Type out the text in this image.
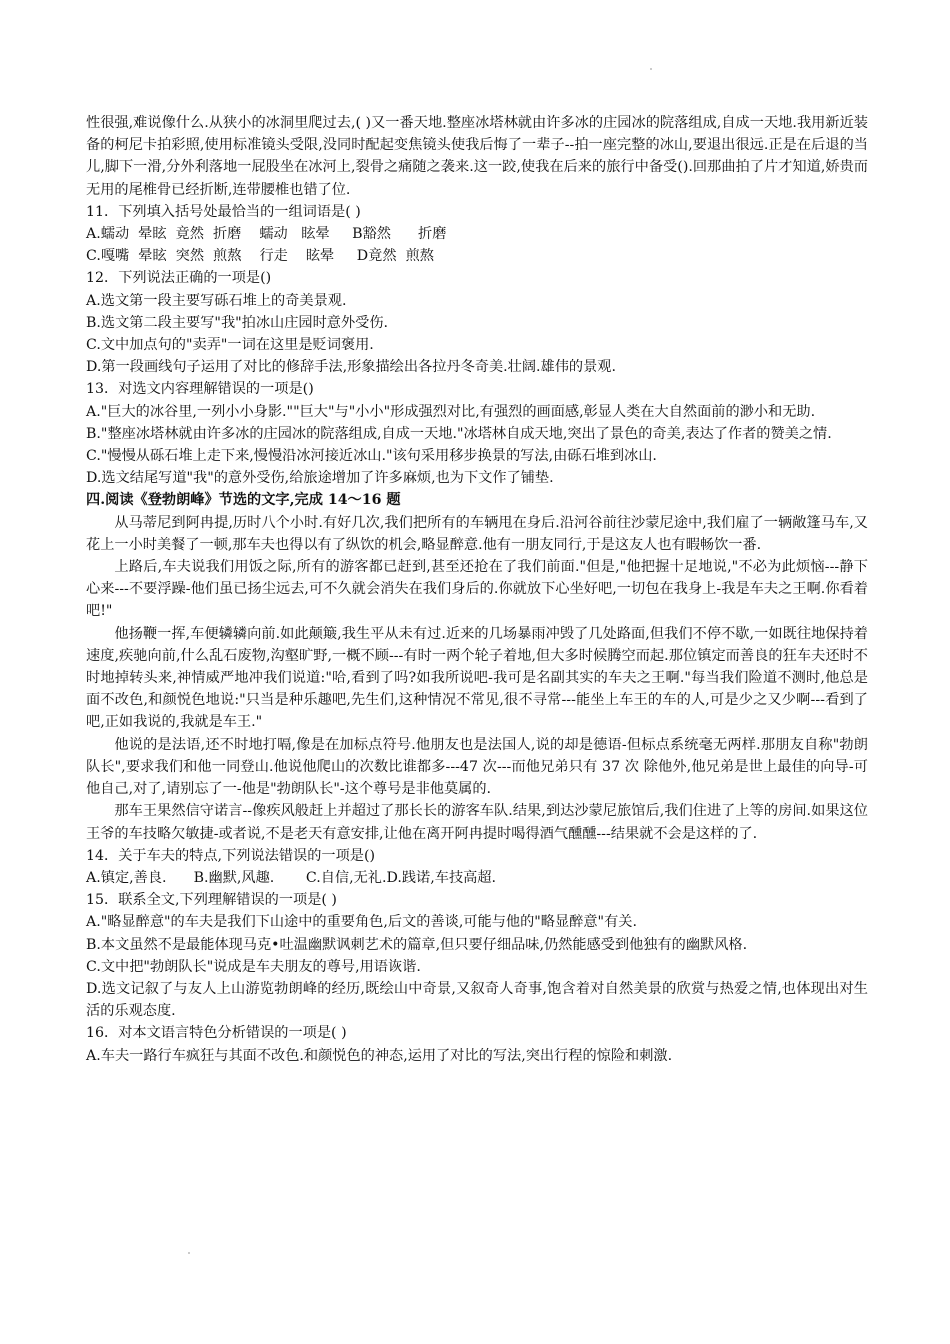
性很强,难说像什么.从狭小的冰洞里爬过去,( )又一番天地.整座冰塔林就由许多冰的庄园冰的院落组成,自成一天地.我用新近装备的柯尼卡拍彩照,使用标准镜头受限,没同时配起变焦镜头使我后悔了一辈子--拍一座完整的冰山,要退出很远.正是在后退的当儿,脚下一滑,分外利落地一屁股坐在冰河上,裂骨之痛随之袭来.这一跤,使我在后来的旅行中备受().回那曲拍了片才知道,娇贵而无用的尾椎骨已经折断,连带腰椎也错了位.

11．下列填入括号处最恰当的一组词语是( )

A.蠕动  晕眩  竟然  折磨    蠕动   眩晕     B豁然      折磨

C.嘎嘴  晕眩  突然  煎熬    行走    眩晕     D竟然  煎熬

12．下列说法正确的一项是()

A.选文第一段主要写砾石堆上的奇美景观.

B.选文第二段主要写"我"拍冰山庄园时意外受伤.

C.文中加点句的"卖弄"一词在这里是贬词褒用.

D.第一段画线句子运用了对比的修辞手法,形象描绘出各拉丹冬奇美.壮阔.雄伟的景观.

13．对选文内容理解错误的一项是()

A."巨大的冰谷里,一列小小身影.""巨大"与"小小"形成强烈对比,有强烈的画面感,彰显人类在大自然面前的渺小和无助.

B."整座冰塔林就由许多冰的庄园冰的院落组成,自成一天地."冰塔林自成天地,突出了景色的奇美,表达了作者的赞美之情.

C."慢慢从砾石堆上走下来,慢慢沿冰河接近冰山."该句采用移步换景的写法,由砾石堆到冰山.

D.选文结尾写道"我"的意外受伤,给旅途增加了许多麻烦,也为下文作了铺垫.

四.阅读《登勃朗峰》节选的文字,完成 14～16 题

从马蒂尼到阿冉提,历时八个小时.有好几次,我们把所有的车辆甩在身后.沿河谷前往沙蒙尼途中,我们雇了一辆敞篷马车,又花上一小时美餐了一顿,那车夫也得以有了纵饮的机会,略显醉意.他有一朋友同行,于是这友人也有暇畅饮一番.

上路后,车夫说我们用饭之际,所有的游客都已赶到,甚至还抢在了我们前面."但是,"他把握十足地说,"不必为此烦恼---静下心来---不要浮躁-他们虽已扬尘远去,可不久就会消失在我们身后的.你就放下心坐好吧,一切包在我身上-我是车夫之王啊.你看着吧!"

他扬鞭一挥,车便辚辚向前.如此颠簸,我生平从未有过.近来的几场暴雨冲毁了几处路面,但我们不停不歇,一如既往地保持着速度,疾驰向前,什么乱石废物,沟壑旷野,一概不顾---有时一两个轮子着地,但大多时候腾空而起.那位镇定而善良的狂车夫还时不时地掉转头来,神情威严地冲我们说道:"哈,看到了吗?如我所说吧-我可是名副其实的车夫之王啊."每当我们险道不测时,他总是面不改色,和颜悦色地说:"只当是种乐趣吧,先生们,这种情况不常见,很不寻常---能坐上车王的车的人,可是少之又少啊---看到了吧,正如我说的,我就是车王."

他说的是法语,还不时地打嗝,像是在加标点符号.他朋友也是法国人,说的却是德语-但标点系统毫无两样.那朋友自称"勃朗队长",要求我们和他一同登山.他说他爬山的次数比谁都多---47 次---而他兄弟只有 37 次 除他外,他兄弟是世上最佳的向导-可他自己,对了,请别忘了一-他是"勃朗队长"-这个尊号是非他莫属的.

那车王果然信守诺言--像疾风般赶上并超过了那长长的游客车队.结果,到达沙蒙尼旅馆后,我们住进了上等的房间.如果这位王爷的车技略欠敏捷-或者说,不是老天有意安排,让他在离开阿冉提时喝得酒气醺醺---结果就不会是这样的了.

14．关于车夫的特点,下列说法错误的一项是()

A.镇定,善良.      B.幽默,风趣.       C.自信,无礼.D.践诺,车技高超.

15．联系全文,下列理解错误的一项是( )

A."略显醉意"的车夫是我们下山途中的重要角色,后文的善谈,可能与他的"略显醉意"有关.

B.本文虽然不是最能体现马克•吐温幽默讽刺艺术的篇章,但只要仔细品味,仍然能感受到他独有的幽默风格.

C.文中把"勃朗队长"说成是车夫朋友的尊号,用语诙谐.

D.选文记叙了与友人上山游览勃朗峰的经历,既绘山中奇景,又叙奇人奇事,饱含着对自然美景的欣赏与热爱之情,也体现出对生活的乐观态度.

16．对本文语言特色分析错误的一项是( )

A.车夫一路行车疯狂与其面不改色.和颜悦色的神态,运用了对比的写法,突出行程的惊险和刺激.
